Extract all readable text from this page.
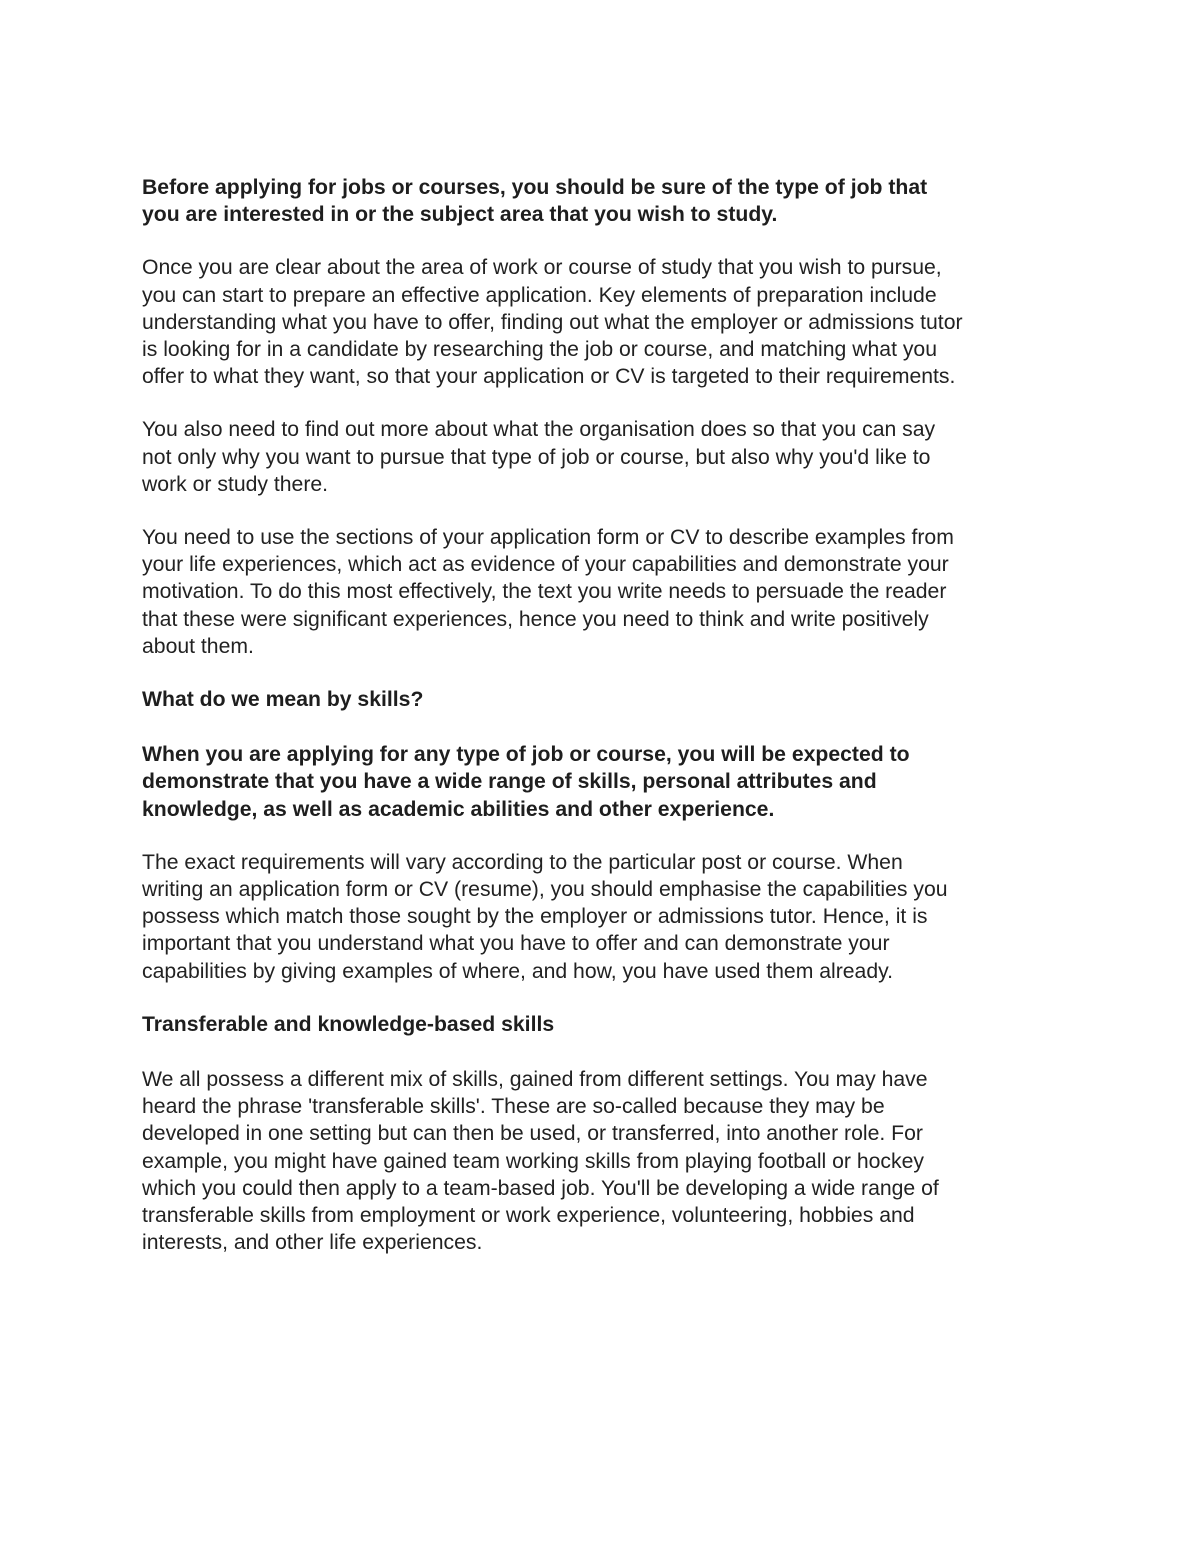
Before applying for jobs or courses, you should be sure of the type of job that
you are interested in or the subject area that you wish to study.

Once you are clear about the area of work or course of study that you wish to pursue,
you can start to prepare an effective application. Key elements of preparation include
understanding what you have to offer, finding out what the employer or admissions tutor
is looking for in a candidate by researching the job or course, and matching what you
offer to what they want, so that your application or CV is targeted to their requirements.

You also need to find out more about what the organisation does so that you can say
not only why you want to pursue that type of job or course, but also why you'd like to
work or study there.

You need to use the sections of your application form or CV to describe examples from
your life experiences, which act as evidence of your capabilities and demonstrate your
motivation. To do this most effectively, the text you write needs to persuade the reader
that these were significant experiences, hence you need to think and write positively
about them.

What do we mean by skills?

When you are applying for any type of job or course, you will be expected to
demonstrate that you have a wide range of skills, personal attributes and
knowledge, as well as academic abilities and other experience.

The exact requirements will vary according to the particular post or course. When
writing an application form or CV (resume), you should emphasise the capabilities you
possess which match those sought by the employer or admissions tutor. Hence, it is
important that you understand what you have to offer and can demonstrate your
capabilities by giving examples of where, and how, you have used them already.

Transferable and knowledge-based skills

We all possess a different mix of skills, gained from different settings. You may have
heard the phrase 'transferable skills'. These are so-called because they may be
developed in one setting but can then be used, or transferred, into another role. For
example, you might have gained team working skills from playing football or hockey
which you could then apply to a team-based job. You'll be developing a wide range of
transferable skills from employment or work experience, volunteering, hobbies and
interests, and other life experiences.
